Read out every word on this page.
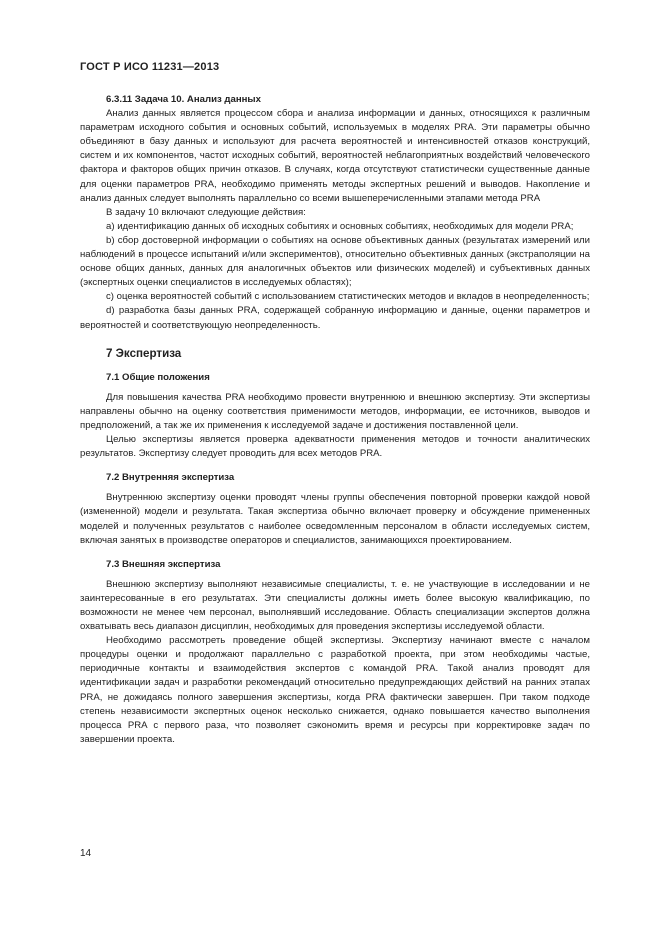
ГОСТ Р ИСО 11231—2013

6.3.11 Задача 10. Анализ данных

Анализ данных является процессом сбора и анализа информации и данных, относящихся к различным параметрам исходного события и основных событий, используемых в моделях PRA. Эти параметры обычно объединяют в базу данных и используют для расчета вероятностей и интенсивностей отказов конструкций, систем и их компонентов, частот исходных событий, вероятностей неблагоприятных воздействий человеческого фактора и факторов общих причин отказов. В случаях, когда отсутствуют статистически существенные данные для оценки параметров PRA, необходимо применять методы экспертных решений и выводов. Накопление и анализ данных следует выполнять параллельно со всеми вышеперечисленными этапами метода PRA

В задачу 10 включают следующие действия:

а) идентификацию данных об исходных событиях и основных событиях, необходимых для модели PRA;

b) сбор достоверной информации о событиях на основе объективных данных (результатах измерений или наблюдений в процессе испытаний и/или экспериментов), относительно объективных данных (экстраполяции на основе общих данных, данных для аналогичных объектов или физических моделей) и субъективных данных (экспертных оценки специалистов в исследуемых областях);

c) оценка вероятностей событий с использованием статистических методов и вкладов в неопределенность;

d) разработка базы данных PRA, содержащей собранную информацию и данные, оценки параметров и вероятностей и соответствующую неопределенность.

7 Экспертиза

7.1 Общие положения

Для повышения качества PRA необходимо провести внутреннюю и внешнюю экспертизу. Эти экспертизы направлены обычно на оценку соответствия применимости методов, информации, ее источников, выводов и предположений, а так же их применения к исследуемой задаче и достижения поставленной цели.

Целью экспертизы является проверка адекватности применения методов и точности аналитических результатов. Экспертизу следует проводить для всех методов PRA.

7.2 Внутренняя экспертиза

Внутреннюю экспертизу оценки проводят члены группы обеспечения повторной проверки каждой новой (измененной) модели и результата. Такая экспертиза обычно включает проверку и обсуждение примененных моделей и полученных результатов с наиболее осведомленным персоналом в области исследуемых систем, включая занятых в производстве операторов и специалистов, занимающихся проектированием.

7.3 Внешняя экспертиза

Внешнюю экспертизу выполняют независимые специалисты, т. е. не участвующие в исследовании и не заинтересованные в его результатах. Эти специалисты должны иметь более высокую квалификацию, по возможности не менее чем персонал, выполнявший исследование. Область специализации экспертов должна охватывать весь диапазон дисциплин, необходимых для проведения экспертизы исследуемой области.

Необходимо рассмотреть проведение общей экспертизы. Экспертизу начинают вместе с началом процедуры оценки и продолжают параллельно с разработкой проекта, при этом необходимы частые, периодичные контакты и взаимодействия экспертов с командой PRA. Такой анализ проводят для идентификации задач и разработки рекомендаций относительно предупреждающих действий на ранних этапах PRA, не дожидаясь полного завершения экспертизы, когда PRA фактически завершен. При таком подходе степень независимости экспертных оценок несколько снижается, однако повышается качество выполнения процесса PRA с первого раза, что позволяет сэкономить время и ресурсы при корректировке задач по завершении проекта.

14
